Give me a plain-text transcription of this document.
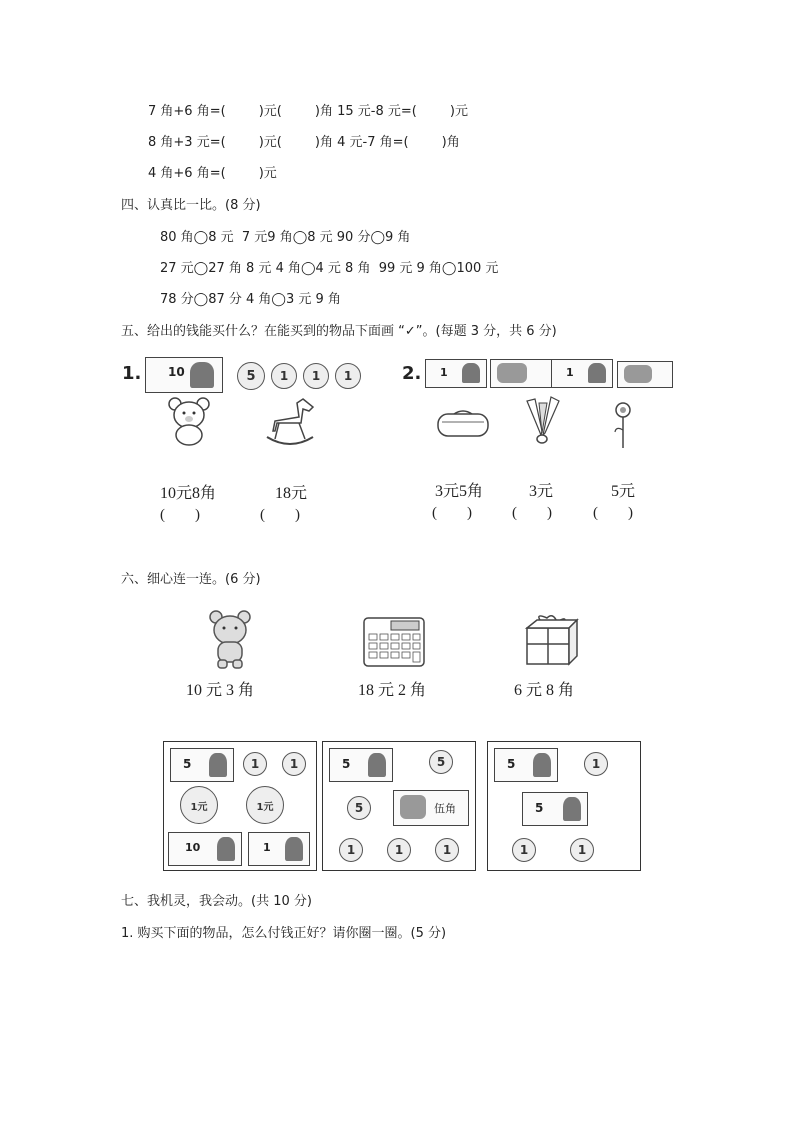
7 角+6 角=(        )元(        )角 15 元-8 元=(        )元
8 角+3 元=(        )元(        )角 4 元-7 角=(        )角
4 角+6 角=(        )元
四、认真比一比。(8 分)
80 角◯8 元  7 元9 角◯8 元 90 分◯9 角
27 元◯27 角 8 元 4 角◯4 元 8 角  99 元 9 角◯100 元
78 分◯87 分 4 角◯3 元 9 角
五、给出的钱能买什么？在能买到的物品下面画 “✓”。(每题 3 分，共 6 分)
1. 10	5 1 1 1	2. 1	1
10元8角	18元
(        )	(        )
3元5角	3元	5元
(        )	(        )	(        )
六、细心连一连。(6 分)
10 元 3 角	18 元 2 角	6 元 8 角
5	1	1
1元	1元
10	1
5	5
5	伍角
1	1	1
5	1
5
1	1
七、我机灵，我会动。(共 10 分)
1. 购买下面的物品，怎么付钱正好？请你圈一圈。(5 分)
